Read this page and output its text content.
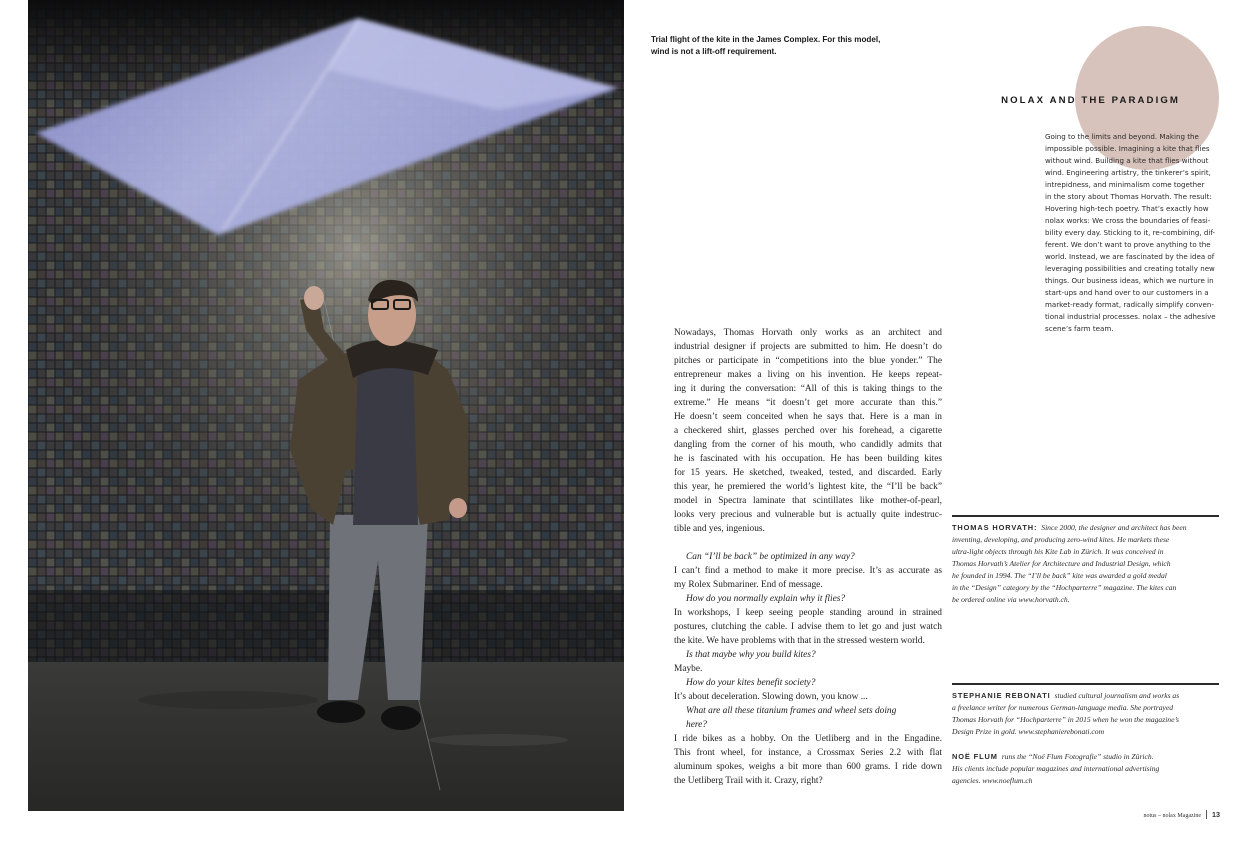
Trial flight of the kite in the James Complex. For this model, wind is not a lift-off requirement.
NOLAX AND THE PARADIGM
Going to the limits and beyond. Making the
impossible possible. Imagining a kite that flies
without wind. Building a kite that flies without
wind. Engineering artistry, the tinkerer’s spirit,
intrepidness, and minimalism come together
in the story about Thomas Horvath. The result:
Hovering high-tech poetry. That’s exactly how
nolax works: We cross the boundaries of feasi-
bility every day. Sticking to it, re-combining, dif-
ferent. We don’t want to prove anything to the
world. Instead, we are fascinated by the idea of
leveraging possibilities and creating totally new
things. Our business ideas, which we nurture in
start-ups and hand over to our customers in a
market-ready format, radically simplify conven-
tional industrial processes. nolax – the adhesive
scene’s farm team.
Nowadays, Thomas Horvath only works as an architect and
industrial designer if projects are submitted to him. He doesn’t do
pitches or participate in “competitions into the blue yonder.” The
entrepreneur makes a living on his invention. He keeps repeat-
ing it during the conversation: “All of this is taking things to the
extreme.” He means “it doesn’t get more accurate than this.”
He doesn’t seem conceited when he says that. Here is a man in
a checkered shirt, glasses perched over his forehead, a cigarette
dangling from the corner of his mouth, who candidly admits that
he is fascinated with his occupation. He has been building kites
for 15 years. He sketched, tweaked, tested, and discarded. Early
this year, he premiered the world’s lightest kite, the “I’ll be back”
model in Spectra laminate that scintillates like mother-of-pearl,
looks very precious and vulnerable but is actually quite indestruc-
tible and yes, ingenious.
Can “I’ll be back” be optimized in any way?
I can’t find a method to make it more precise. It’s as accurate as
my Rolex Submariner. End of message.
How do you normally explain why it flies?
In workshops, I keep seeing people standing around in strained
postures, clutching the cable. I advise them to let go and just watch
the kite. We have problems with that in the stressed western world.
Is that maybe why you build kites?
Maybe.
How do your kites benefit society?
It’s about deceleration. Slowing down, you know ...
What are all these titanium frames and wheel sets doing
here?
I ride bikes as a hobby. On the Uetliberg and in the Engadine.
This front wheel, for instance, a Crossmax Series 2.2 with flat
aluminum spokes, weighs a bit more than 600 grams. I ride down
the Uetliberg Trail with it. Crazy, right?
THOMAS HORVATH: Since 2000, the designer and architect has been
inventing, developing, and producing zero-wind kites. He markets these
ultra-light objects through his Kite Lab in Zürich. It was conceived in
Thomas Horvath’s Atelier for Architecture and Industrial Design, which
he founded in 1994. The “I’ll be back” kite was awarded a gold medal
in the “Design” category by the “Hochparterre” magazine. The kites can
be ordered online via www.horvath.ch.
STEPHANIE REBONATI studied cultural journalism and works as
a freelance writer for numerous German-language media. She portrayed
Thomas Horvath for “Hochparterre” in 2015 when he won the magazine’s
Design Prize in gold. www.stephanierebonati.com
NOË FLUM runs the “Noë Flum Fotografie” studio in Zürich.
His clients include popular magazines and international advertising
agencies. www.noeflum.ch
notus – nolax Magazine 13
